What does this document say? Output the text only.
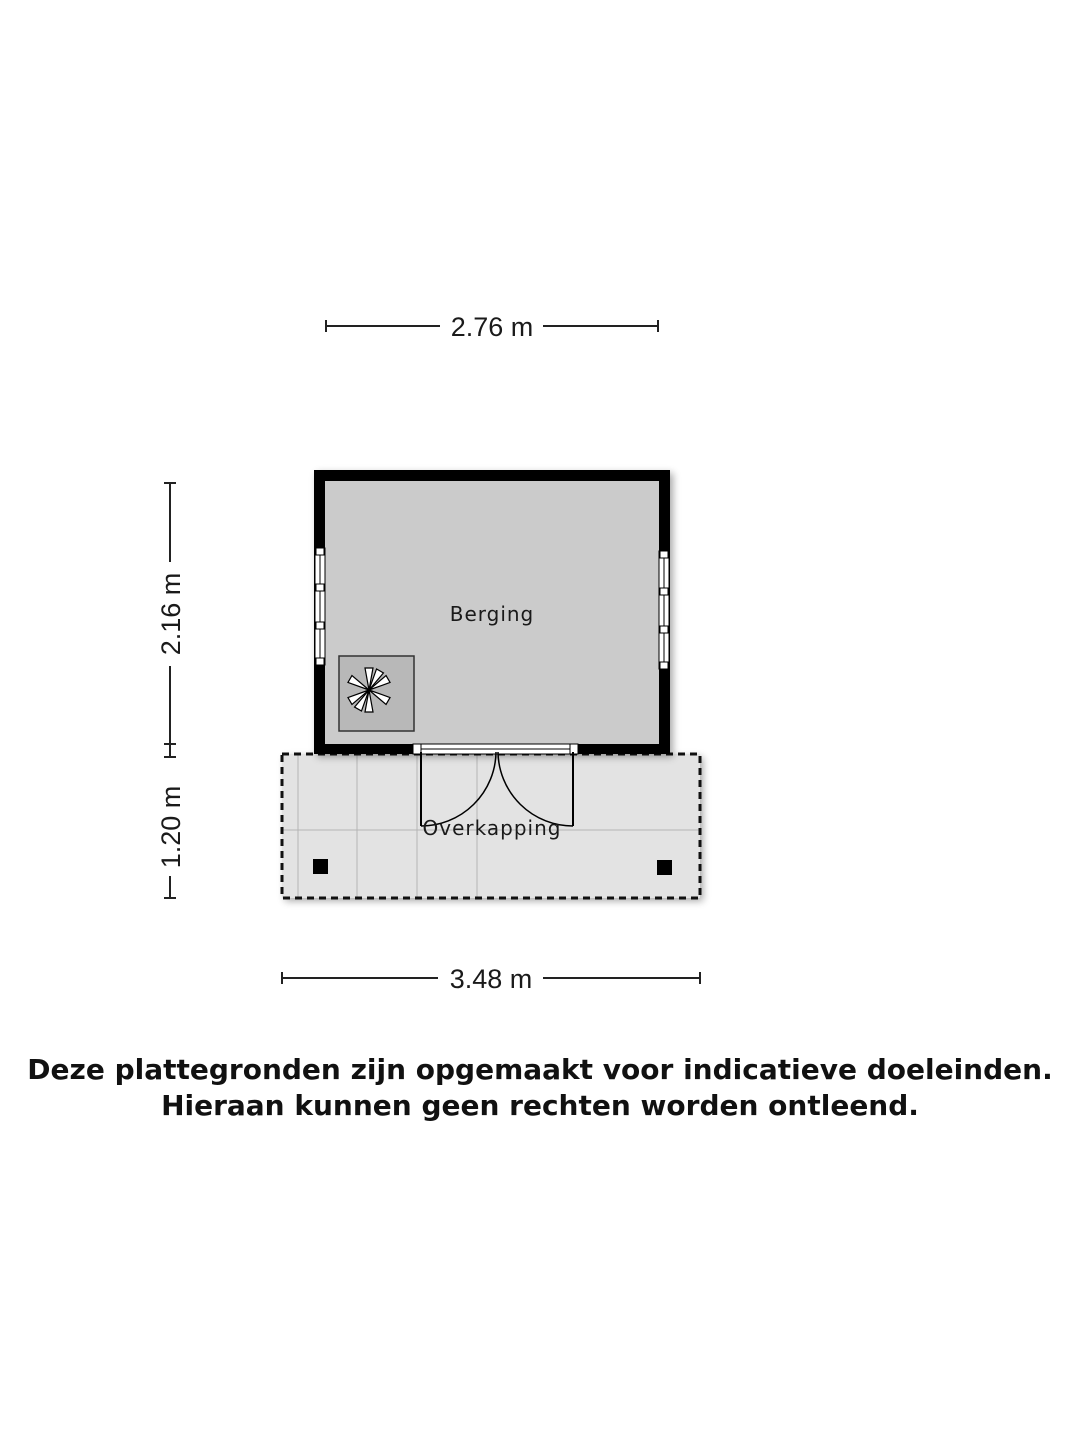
2.76 m
2.16 m
1.20 m
Berging
Overkapping
3.48 m
Deze plattegronden zijn opgemaakt voor indicatieve doeleinden.
Hieraan kunnen geen rechten worden ontleend.
